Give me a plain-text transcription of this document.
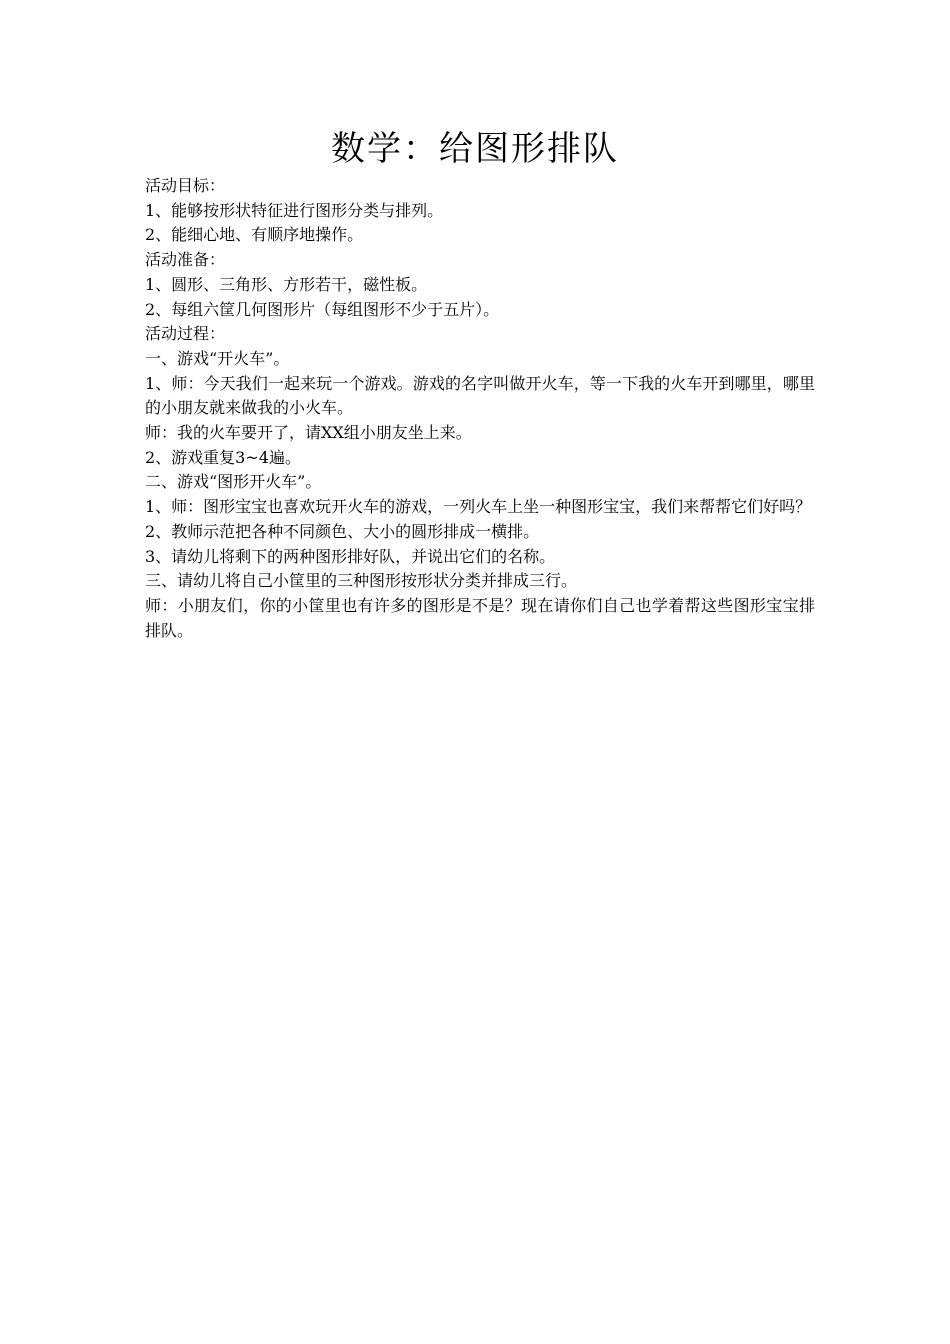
数学：给图形排队
活动目标：
1、能够按形状特征进行图形分类与排列。
2、能细心地、有顺序地操作。
活动准备：
1、圆形、三角形、方形若干，磁性板。
2、每组六筐几何图形片（每组图形不少于五片）。
活动过程：
一、游戏“开火车”。
1、师：今天我们一起来玩一个游戏。游戏的名字叫做开火车，等一下我的火车开到哪里，哪里的小朋友就来做我的小火车。
师：我的火车要开了，请XX组小朋友坐上来。
2、游戏重复3~4遍。
二、游戏“图形开火车”。
1、师：图形宝宝也喜欢玩开火车的游戏，一列火车上坐一种图形宝宝，我们来帮帮它们好吗？
2、教师示范把各种不同颜色、大小的圆形排成一横排。
3、请幼儿将剩下的两种图形排好队，并说出它们的名称。
三、请幼儿将自己小筐里的三种图形按形状分类并排成三行。
师：小朋友们，你的小筐里也有许多的图形是不是？现在请你们自己也学着帮这些图形宝宝排排队。
